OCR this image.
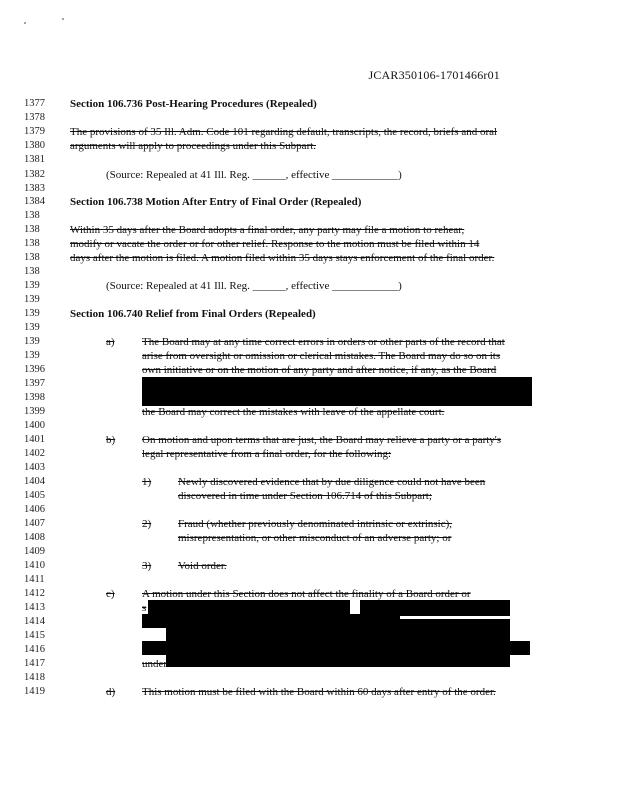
JCAR350106-1701466r01
1377	Section 106.736 Post-Hearing Procedures (Repealed)
1378
1379	The provisions of 35 Ill. Adm. Code 101 regarding default, transcripts, the record, briefs and oral
1380	arguments will apply to proceedings under this Subpart.
1381
1382	(Source: Repealed at 41 Ill. Reg. ______, effective ____________)
1383
1384	Section 106.738 Motion After Entry of Final Order (Repealed)
138
138	Within 35 days after the Board adopts a final order, any party may file a motion to rehear,
138	modify or vacate the order or for other relief. Response to the motion must be filed within 14
138	days after the motion is filed. A motion filed within 35 days stays enforcement of the final order.
138
139	(Source: Repealed at 41 Ill. Reg. ______, effective ____________)
139
139	Section 106.740 Relief from Final Orders (Repealed)
139
139	a) The Board may at any time correct errors in orders or other parts of the record that
139	arise from oversight or omission or clerical mistakes. The Board may do so on its
1396	own initiative or on the motion of any party and after notice, if any, as the Board
1397
1398
1399	the Board may correct the mistakes with leave of the appellate court.
1400
1401	b) On motion and upon terms that are just, the Board may relieve a party or a party's
1402	legal representative from a final order, for the following:
1403
1404	1) Newly discovered evidence that by due diligence could not have been
1405	discovered in time under Section 106.714 of this Subpart;
1406
1407	2) Fraud (whether previously denominated intrinsic or extrinsic),
1408	misrepresentation, or other misconduct of an adverse party; or
1409
1410	3) Void order.
1411
1412	c) A motion under this Section does not affect the finality of a Board order or
1413	s
1414
1415
1416
1417	under
1418
1419	d) This motion must be filed with the Board within 60 days after entry of the order.
